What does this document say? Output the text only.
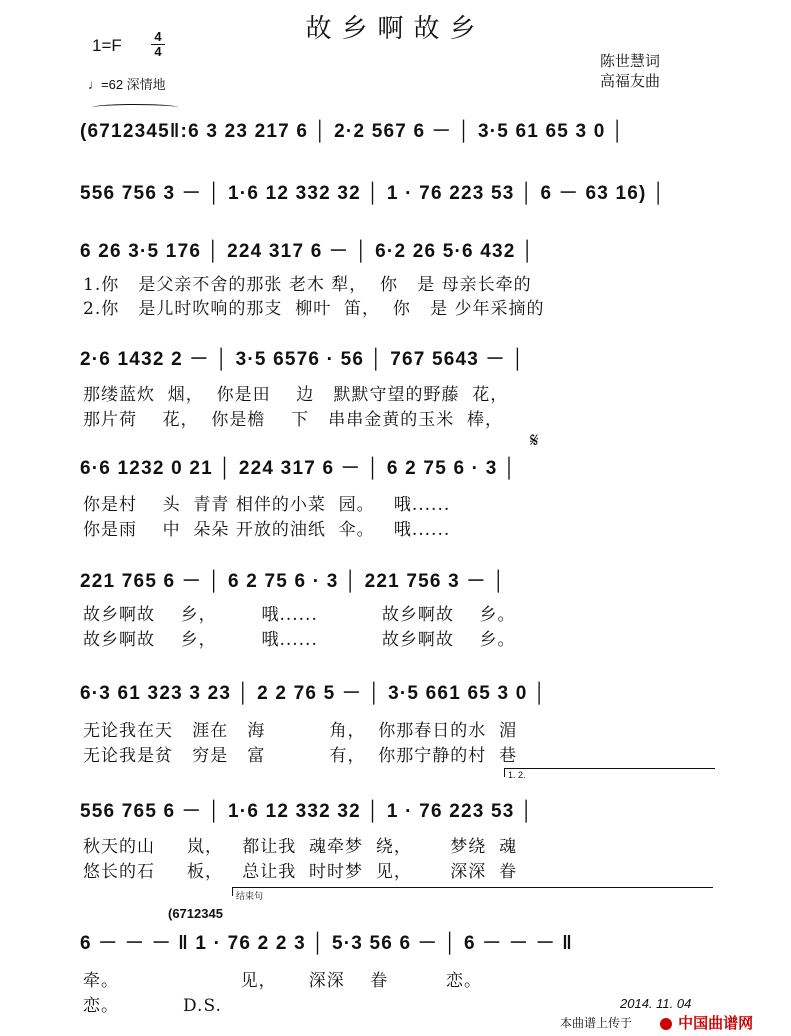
故乡啊故乡
1=F	4
4
♩=62 深情地
陈世慧词
高福友曲
(6712345‖:6 3 23 217 6 │ 2·2 567 6 － │ 3·5 61 65 3 0 │
556 756 3 － │ 1·6 12 332 32 │ 1 · 76 223 53 │ 6 － 63 16) │
6 26 3·5 176 │ 224 317 6 － │ 6·2 26 5·6 432 │
1.你   是父亲不舍的那张 老木 犁，  你   是 母亲长牵的
2.你   是儿时吹响的那支  柳叶  笛，  你   是 少年采摘的
2·6 1432 2 － │ 3·5 6576 · 56 │ 767 5643 － │
那缕蓝炊  烟，  你是田    边   默默守望的野藤  花，
那片荷    花，  你是檐    下   串串金黄的玉米  棒，
𝄋
6·6 1232 0 21 │ 224 317 6 － │ 6 2 75 6 · 3 │
你是村    头  青青 相伴的小菜  园。   哦......
你是雨    中  朵朵 开放的油纸  伞。   哦......
221 765 6 － │ 6 2 75 6 · 3 │ 221 756 3 － │
故乡啊故    乡，       哦......          故乡啊故    乡。
故乡啊故    乡，       哦......          故乡啊故    乡。
6·3 61 323 3 23 │ 2 2 76 5 － │ 3·5 661 65 3 0 │
无论我在天   涯在   海          角，  你那春日的水  湄
无论我是贫   穷是   富          有，  你那宁静的村  巷
1. 2.
556 765 6 － │ 1·6 12 332 32 │ 1 · 76 223 53 │
秋天的山     岚，   都让我  魂牵梦  绕，      梦绕  魂
悠长的石     板，   总让我  时时梦  见，      深深  眷
结束句
(6712345
6 － － － ‖ 1 · 76 2 2 3 │ 5·3 56 6 － │ 6 － － － ‖
牵。                   见，     深深    眷         恋。
恋。          D.S.	2014. 11. 04
本曲谱上传于	中国曲谱网
